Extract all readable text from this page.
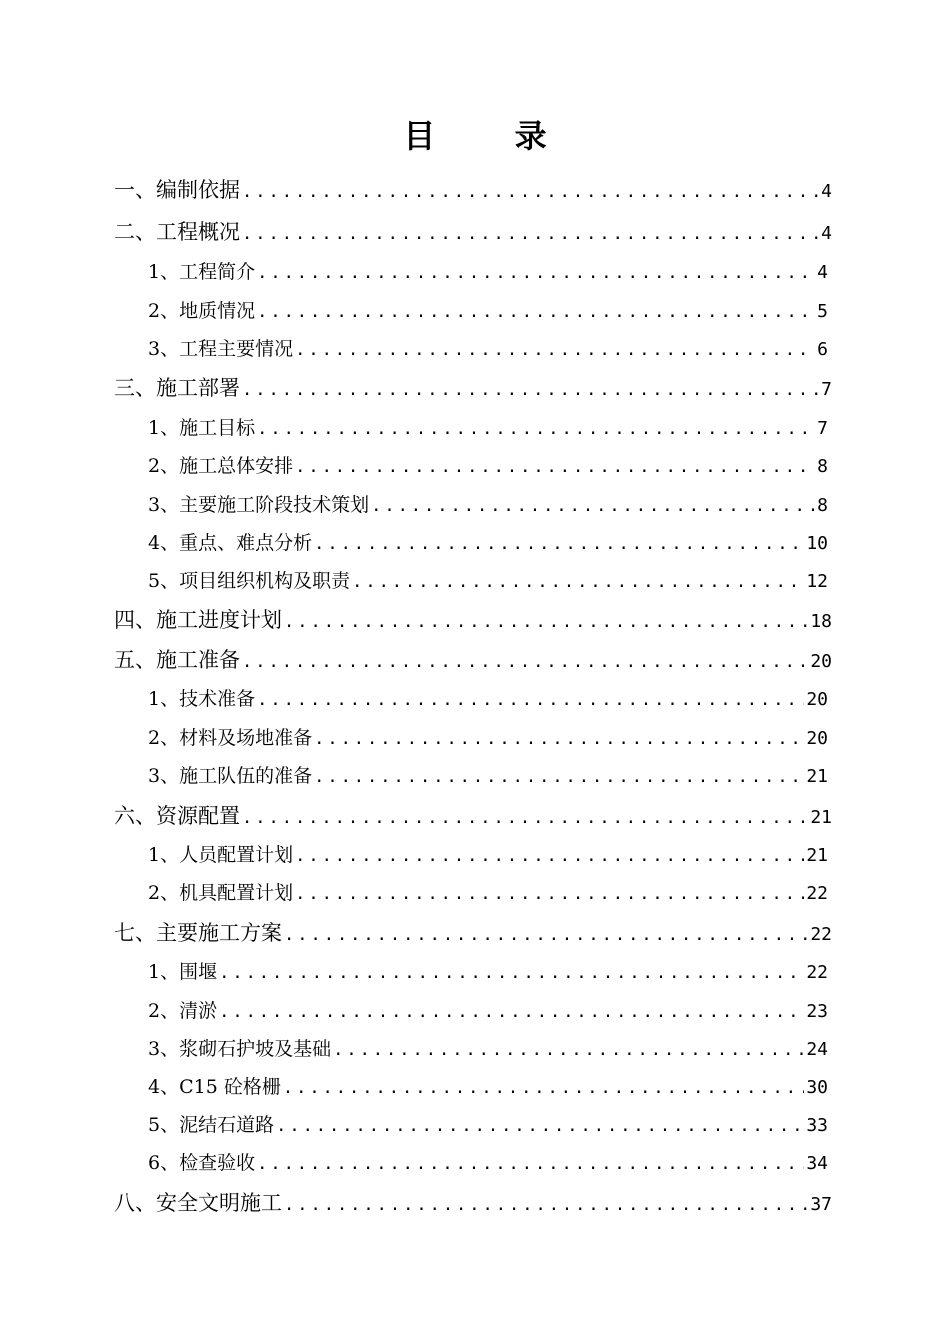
目 录
一、编制依据 .....	4
二、工程概况 .....	4
1、工程简介 .....	4
2、地质情况 .....	5
3、工程主要情况 .....	6
三、施工部署 .....	7
1、施工目标 .....	7
2、施工总体安排 .....	8
3、主要施工阶段技术策划 .....	8
4、重点、难点分析 .....	10
5、项目组织机构及职责 .....	12
四、施工进度计划 .....	18
五、施工准备 .....	20
1、技术准备 .....	20
2、材料及场地准备 .....	20
3、施工队伍的准备 .....	21
六、资源配置 .....	21
1、人员配置计划 .....	21
2、机具配置计划 .....	22
七、主要施工方案 .....	22
1、围堰 .....	22
2、清淤 .....	23
3、浆砌石护坡及基础 .....	24
4、C15 砼格栅 .....	30
5、泥结石道路 .....	33
6、检查验收 .....	34
八、安全文明施工 .....	37
